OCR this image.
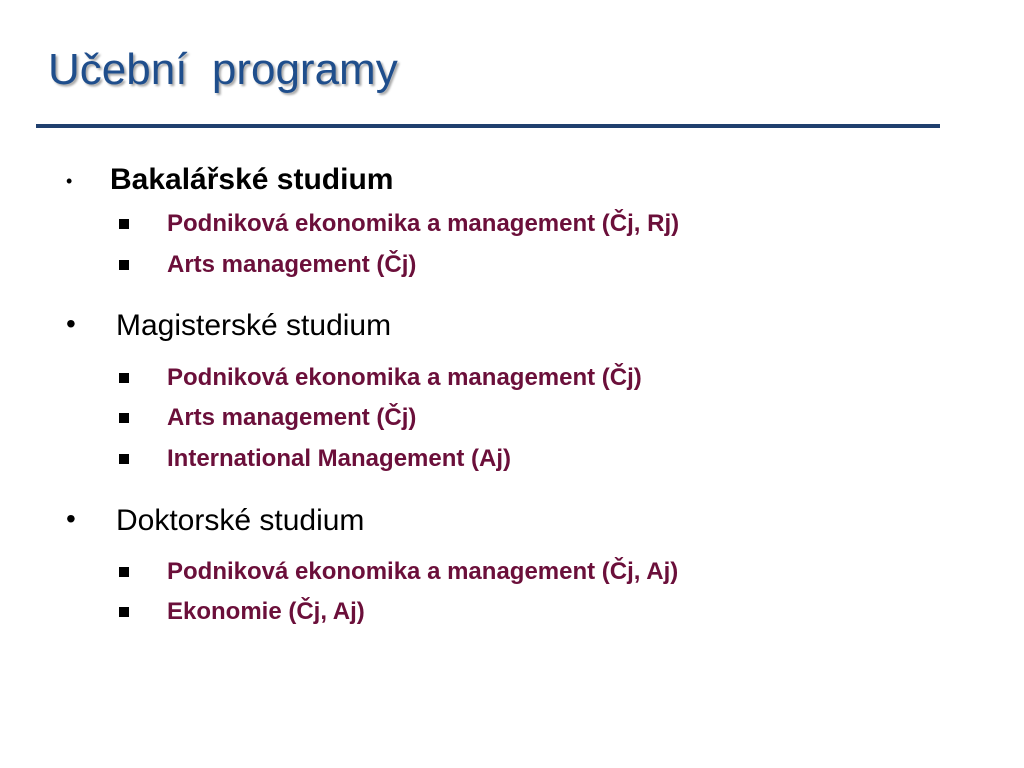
Učební  programy
• Bakalářské studium

Podniková ekonomika a management (Čj, Rj)

Arts management (Čj)

• Magisterské studium

Podniková ekonomika a management (Čj)

Arts management (Čj)

International Management (Aj)

• Doktorské studium

Podniková ekonomika a management (Čj, Aj)

Ekonomie (Čj, Aj)
